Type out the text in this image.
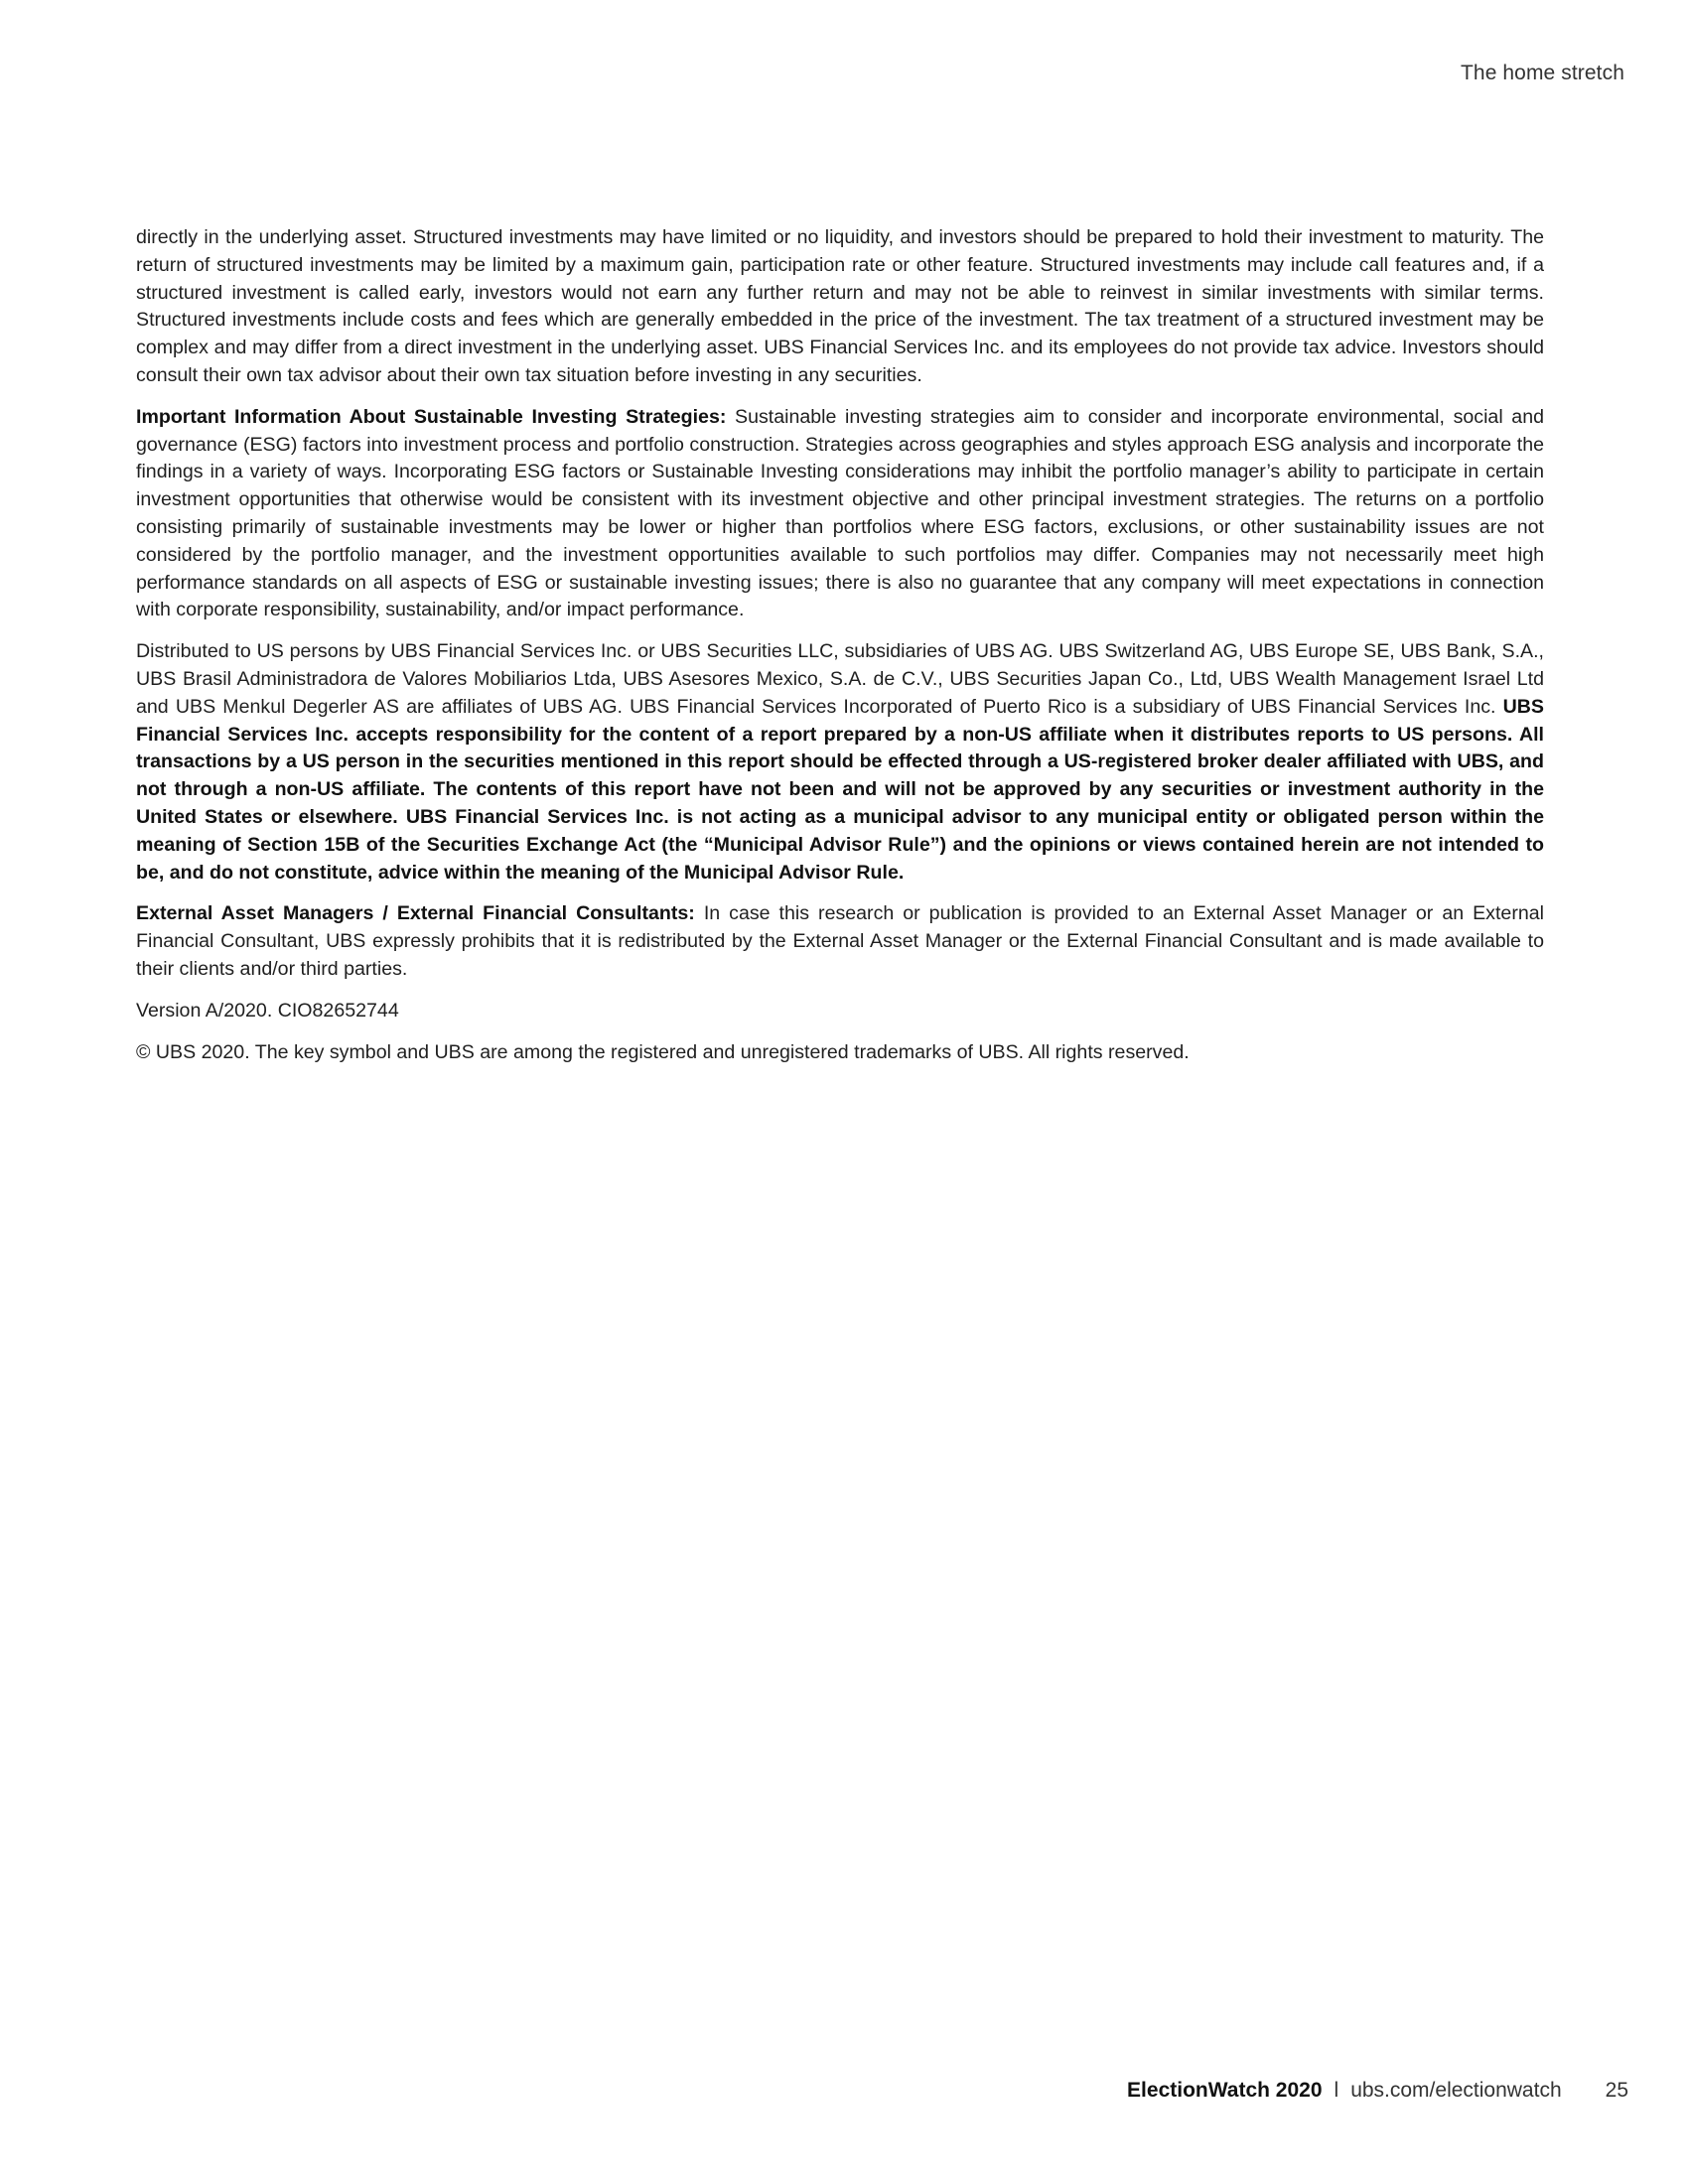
The home stretch

directly in the underlying asset. Structured investments may have limited or no liquidity, and investors should be prepared to hold their investment to maturity. The return of structured investments may be limited by a maximum gain, participation rate or other feature. Structured investments may include call features and, if a structured investment is called early, investors would not earn any further return and may not be able to reinvest in similar investments with similar terms. Structured investments include costs and fees which are generally embedded in the price of the investment. The tax treatment of a structured investment may be complex and may differ from a direct investment in the underlying asset. UBS Financial Services Inc. and its employees do not provide tax advice. Investors should consult their own tax advisor about their own tax situation before investing in any securities.

Important Information About Sustainable Investing Strategies: Sustainable investing strategies aim to consider and incorporate environmental, social and governance (ESG) factors into investment process and portfolio construction. Strategies across geographies and styles approach ESG analysis and incorporate the findings in a variety of ways. Incorporating ESG factors or Sustainable Investing considerations may inhibit the portfolio manager’s ability to participate in certain investment opportunities that otherwise would be consistent with its investment objective and other principal investment strategies. The returns on a portfolio consisting primarily of sustainable investments may be lower or higher than portfolios where ESG factors, exclusions, or other sustainability issues are not considered by the portfolio manager, and the investment opportunities available to such portfolios may differ. Companies may not necessarily meet high performance standards on all aspects of ESG or sustainable investing issues; there is also no guarantee that any company will meet expectations in connection with corporate responsibility, sustainability, and/or impact performance.

Distributed to US persons by UBS Financial Services Inc. or UBS Securities LLC, subsidiaries of UBS AG. UBS Switzerland AG, UBS Europe SE, UBS Bank, S.A., UBS Brasil Administradora de Valores Mobiliarios Ltda, UBS Asesores Mexico, S.A. de C.V., UBS Securities Japan Co., Ltd, UBS Wealth Management Israel Ltd and UBS Menkul Degerler AS are affiliates of UBS AG. UBS Financial Services Incorporated of Puerto Rico is a subsidiary of UBS Financial Services Inc. UBS Financial Services Inc. accepts responsibility for the content of a report prepared by a non-US affiliate when it distributes reports to US persons. All transactions by a US person in the securities mentioned in this report should be effected through a US-registered broker dealer affiliated with UBS, and not through a non-US affiliate. The contents of this report have not been and will not be approved by any securities or investment authority in the United States or elsewhere. UBS Financial Services Inc. is not acting as a municipal advisor to any municipal entity or obligated person within the meaning of Section 15B of the Securities Exchange Act (the “Municipal Advisor Rule”) and the opinions or views contained herein are not intended to be, and do not constitute, advice within the meaning of the Municipal Advisor Rule.

External Asset Managers / External Financial Consultants: In case this research or publication is provided to an External Asset Manager or an External Financial Consultant, UBS expressly prohibits that it is redistributed by the External Asset Manager or the External Financial Consultant and is made available to their clients and/or third parties.

Version A/2020. CIO82652744

© UBS 2020. The key symbol and UBS are among the registered and unregistered trademarks of UBS. All rights reserved.

ElectionWatch 2020 l ubs.com/electionwatch 25
